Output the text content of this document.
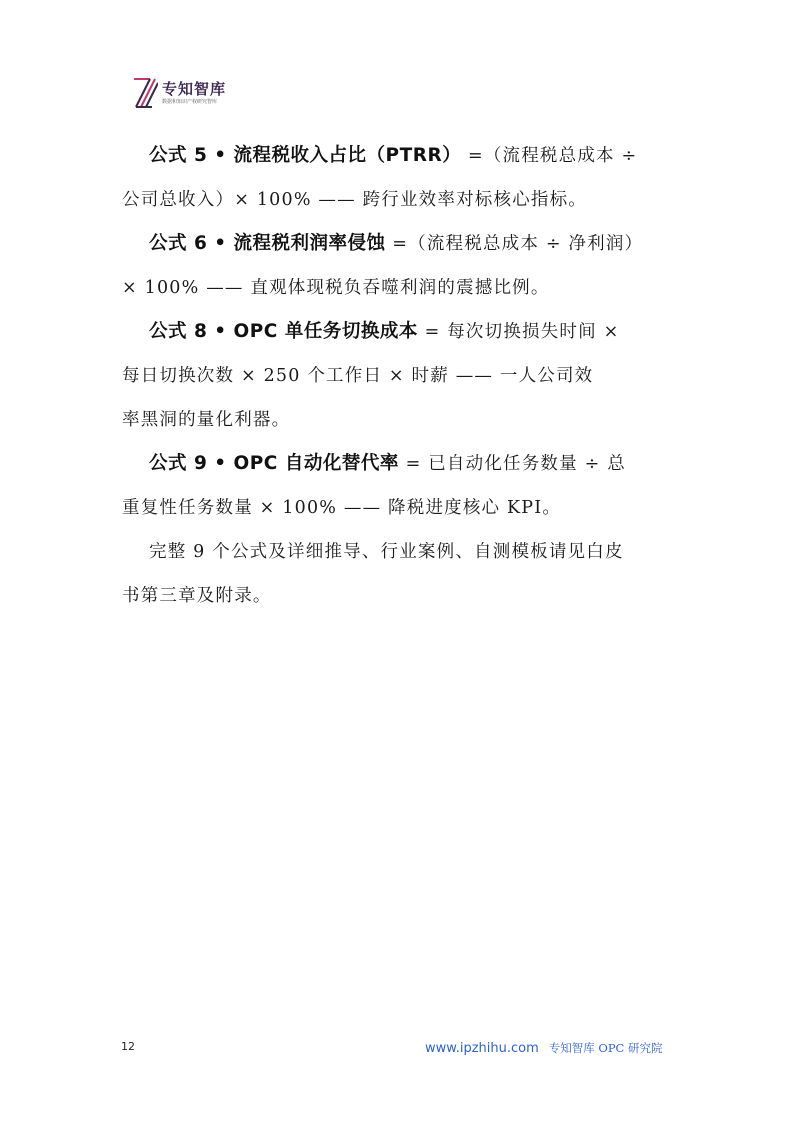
专知智库
数据和知识产权研究智库

公式 5 • 流程税收入占比（PTRR） =（流程税总成本 ÷

公司总收入）× 100% —— 跨行业效率对标核心指标。

公式 6 • 流程税利润率侵蚀 =（流程税总成本 ÷ 净利润）

× 100% —— 直观体现税负吞噬利润的震撼比例。

公式 8 • OPC 单任务切换成本 = 每次切换损失时间 ×

每日切换次数 × 250 个工作日 × 时薪 —— 一人公司效

率黑洞的量化利器。

公式 9 • OPC 自动化替代率 = 已自动化任务数量 ÷ 总

重复性任务数量 × 100% —— 降税进度核心 KPI。

完整 9 个公式及详细推导、行业案例、自测模板请见白皮

书第三章及附录。

12	www.ipzhihu.com 专知智库 OPC 研究院
